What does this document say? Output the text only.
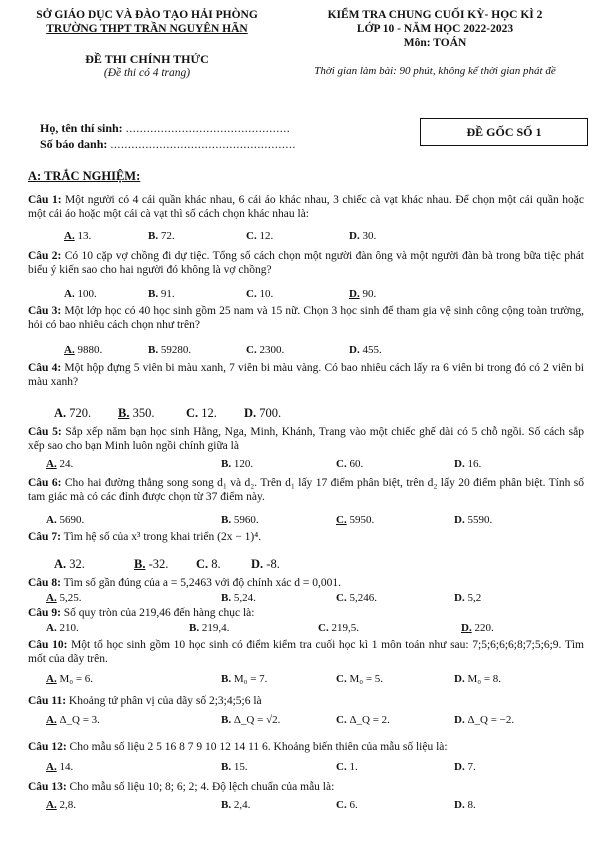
SỞ GIÁO DỤC VÀ ĐÀO TẠO HẢI PHÒNG
TRƯỜNG THPT TRẦN NGUYÊN HÃN
ĐỀ THI CHÍNH THỨC
(Đề thi có 4 trang)
KIỂM TRA CHUNG CUỐI KỲ- HỌC KÌ 2
LỚP 10 - NĂM HỌC 2022-2023
Môn: TOÁN
Thời gian làm bài: 90 phút, không kể thời gian phát đề
Họ, tên thí sinh: ...............................................
Số báo danh: .....................................................
ĐỀ GỐC SỐ 1
A: TRẮC NGHIỆM:
Câu 1: Một người có 4 cái quần khác nhau, 6 cái áo khác nhau, 3 chiếc cà vạt khác nhau. Để chọn một cái quần hoặc một cái áo hoặc một cái cà vạt thì số cách chọn khác nhau là:
A. 13.	B. 72.	C. 12.	D. 30.
Câu 2: Có 10 cặp vợ chồng đi dự tiệc. Tổng số cách chọn một người đàn ông và một người đàn bà trong bữa tiệc phát biểu ý kiến sao cho hai người đó không là vợ chồng?
A. 100.	B. 91.	C. 10.	D. 90.
Câu 3: Một lớp học có 40 học sinh gồm 25 nam và 15 nữ. Chọn 3 học sinh để tham gia vệ sinh công cộng toàn trường, hỏi có bao nhiêu cách chọn như trên?
A. 9880.	B. 59280.	C. 2300.	D. 455.
Câu 4: Một hộp đựng 5 viên bi màu xanh, 7 viên bi màu vàng. Có bao nhiêu cách lấy ra 6 viên bi trong đó có 2 viên bi màu xanh?
A. 720. B. 350.	C. 12. D. 700.
Câu 5: Sắp xếp năm bạn học sinh Hằng, Nga, Minh, Khánh, Trang vào một chiếc ghế dài có 5 chỗ ngồi. Số cách sắp xếp sao cho bạn Minh luôn ngồi chính giữa là
A. 24.	B. 120.	C. 60.	D. 16.
Câu 6: Cho hai đường thẳng song song d₁ và d₂. Trên d₁ lấy 17 điểm phân biệt, trên d₂ lấy 20 điểm phân biệt. Tính số tam giác mà có các đỉnh được chọn từ 37 điểm này.
A. 5690.	B. 5960.	C. 5950.	D. 5590.
Câu 7: Tìm hệ số của x³ trong khai triển (2x − 1)⁴.
A. 32.	B. -32. C. 8. D. -8.
Câu 8: Tìm số gần đúng của a = 5,2463 với độ chính xác d = 0,001.
A. 5,25.	B. 5,24.	C. 5,246.	D. 5,2
Câu 9: Số quy tròn của 219,46 đến hàng chục là:
A. 210.	B. 219,4.	C. 219,5.	D. 220.
Câu 10: Một tổ học sinh gồm 10 học sinh có điểm kiểm tra cuối học kì 1 môn toán như sau: 7;5;6;6;6;8;7;5;6;9. Tìm mốt của dãy trên.
A. M₀ = 6.	B. M₀ = 7.	C. M₀ = 5.	D. M₀ = 8.
Câu 11: Khoảng tứ phân vị của dãy số 2;3;4;5;6 là
A. Δ_Q = 3.	B. Δ_Q = √2.	C. Δ_Q = 2.	D. Δ_Q = −2.
Câu 12: Cho mẫu số liệu 2 5 16 8 7 9 10 12 14 11 6. Khoảng biến thiên của mẫu số liệu là:
A. 14.	B. 15.	C. 1.	D. 7.
Câu 13: Cho mẫu số liệu 10; 8; 6; 2; 4. Độ lệch chuẩn của mẫu là:
A. 2,8.	B. 2,4.	C. 6.	D. 8.
